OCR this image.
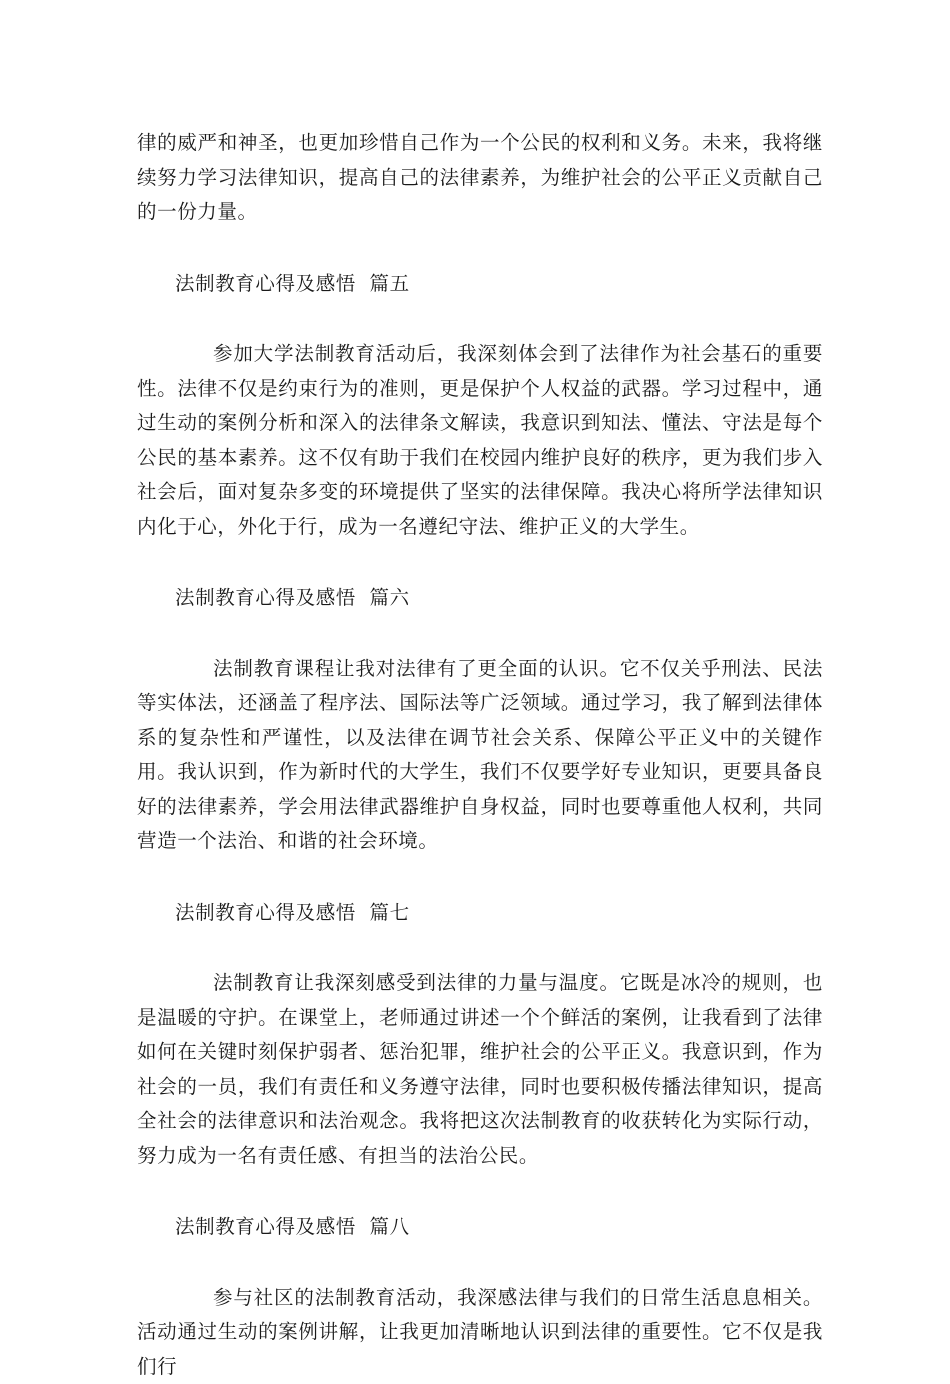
律的威严和神圣，也更加珍惜自己作为一个公民的权利和义务。未来，我将继续努力学习法律知识，提高自己的法律素养，为维护社会的公平正义贡献自己的一份力量。

法制教育心得及感悟  篇五

参加大学法制教育活动后，我深刻体会到了法律作为社会基石的重要性。法律不仅是约束行为的准则，更是保护个人权益的武器。学习过程中，通过生动的案例分析和深入的法律条文解读，我意识到知法、懂法、守法是每个公民的基本素养。这不仅有助于我们在校园内维护良好的秩序，更为我们步入社会后，面对复杂多变的环境提供了坚实的法律保障。我决心将所学法律知识内化于心，外化于行，成为一名遵纪守法、维护正义的大学生。

法制教育心得及感悟  篇六

法制教育课程让我对法律有了更全面的认识。它不仅关乎刑法、民法等实体法，还涵盖了程序法、国际法等广泛领域。通过学习，我了解到法律体系的复杂性和严谨性，以及法律在调节社会关系、保障公平正义中的关键作用。我认识到，作为新时代的大学生，我们不仅要学好专业知识，更要具备良好的法律素养，学会用法律武器维护自身权益，同时也要尊重他人权利，共同营造一个法治、和谐的社会环境。

法制教育心得及感悟  篇七

法制教育让我深刻感受到法律的力量与温度。它既是冰冷的规则，也是温暖的守护。在课堂上，老师通过讲述一个个鲜活的案例，让我看到了法律如何在关键时刻保护弱者、惩治犯罪，维护社会的公平正义。我意识到，作为社会的一员，我们有责任和义务遵守法律，同时也要积极传播法律知识，提高全社会的法律意识和法治观念。我将把这次法制教育的收获转化为实际行动，努力成为一名有责任感、有担当的法治公民。

法制教育心得及感悟  篇八

参与社区的法制教育活动，我深感法律与我们的日常生活息息相关。活动通过生动的案例讲解，让我更加清晰地认识到法律的重要性。它不仅是我们行
